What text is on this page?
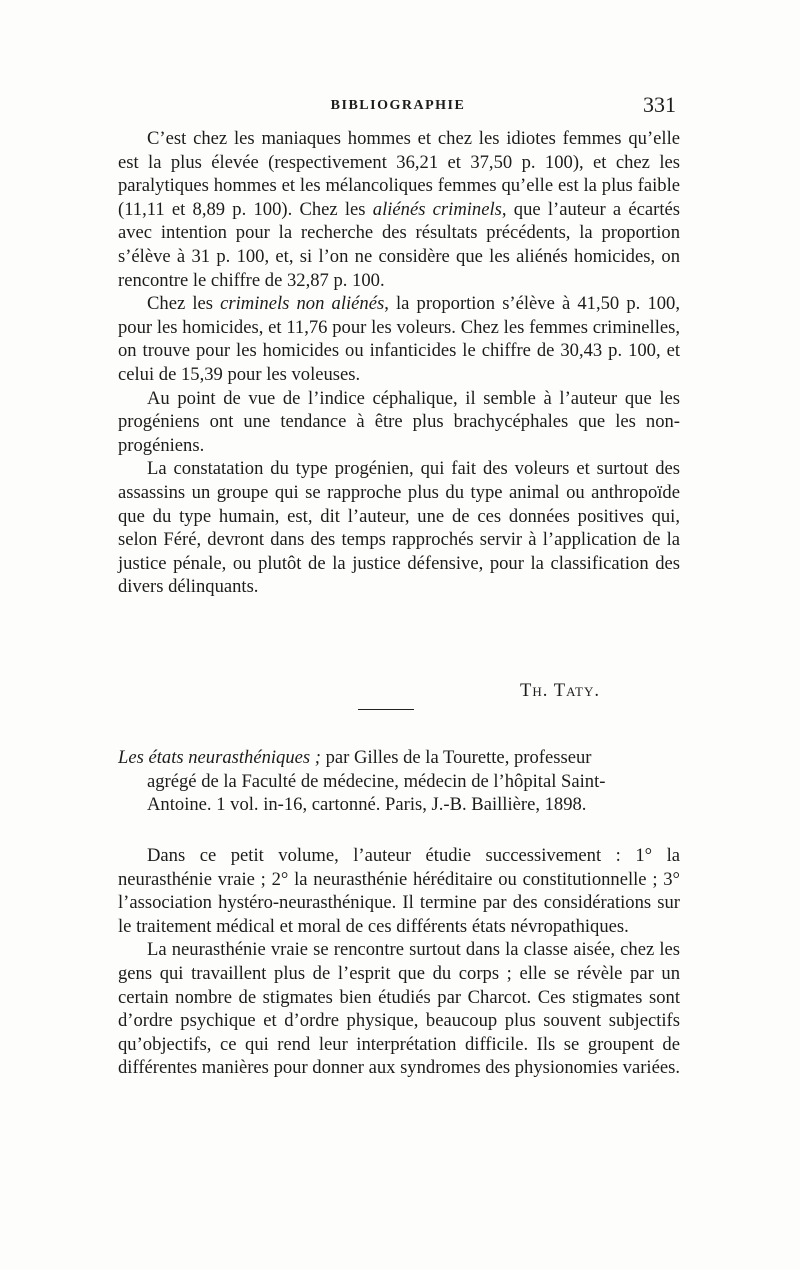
BIBLIOGRAPHIE	331

C’est chez les maniaques hommes et chez les idiotes femmes qu’elle est la plus élevée (respectivement 36,21 et 37,50 p. 100), et chez les paralytiques hommes et les mélancoliques femmes qu’elle est la plus faible (11,11 et 8,89 p. 100). Chez les aliénés criminels, que l’auteur a écartés avec intention pour la recherche des résultats précédents, la proportion s’élève à 31 p. 100, et, si l’on ne considère que les aliénés homicides, on rencontre le chiffre de 32,87 p. 100.

Chez les criminels non aliénés, la proportion s’élève à 41,50 p. 100, pour les homicides, et 11,76 pour les voleurs. Chez les femmes criminelles, on trouve pour les homicides ou infanticides le chiffre de 30,43 p. 100, et celui de 15,39 pour les voleuses.

Au point de vue de l’indice céphalique, il semble à l’auteur que les progéniens ont une tendance à être plus brachycéphales que les non-progéniens.

La constatation du type progénien, qui fait des voleurs et surtout des assassins un groupe qui se rapproche plus du type animal ou anthropoïde que du type humain, est, dit l’auteur, une de ces données positives qui, selon Féré, devront dans des temps rapprochés servir à l’application de la justice pénale, ou plutôt de la justice défensive, pour la classification des divers délinquants.

Th. Taty.
Les états neurasthéniques ; par Gilles de la Tourette, professeur
agrégé de la Faculté de médecine, médecin de l’hôpital Saint-
Antoine. 1 vol. in-16, cartonné. Paris, J.-B. Baillière, 1898.

Dans ce petit volume, l’auteur étudie successivement : 1° la neurasthénie vraie ; 2° la neurasthénie héréditaire ou constitutionnelle ; 3° l’association hystéro-neurasthénique. Il termine par des considérations sur le traitement médical et moral de ces différents états névropathiques.

La neurasthénie vraie se rencontre surtout dans la classe aisée, chez les gens qui travaillent plus de l’esprit que du corps ; elle se révèle par un certain nombre de stigmates bien étudiés par Charcot. Ces stigmates sont d’ordre psychique et d’ordre physique, beaucoup plus souvent subjectifs qu’objectifs, ce qui rend leur interprétation difficile. Ils se groupent de différentes manières pour donner aux syndromes des physionomies variées.
